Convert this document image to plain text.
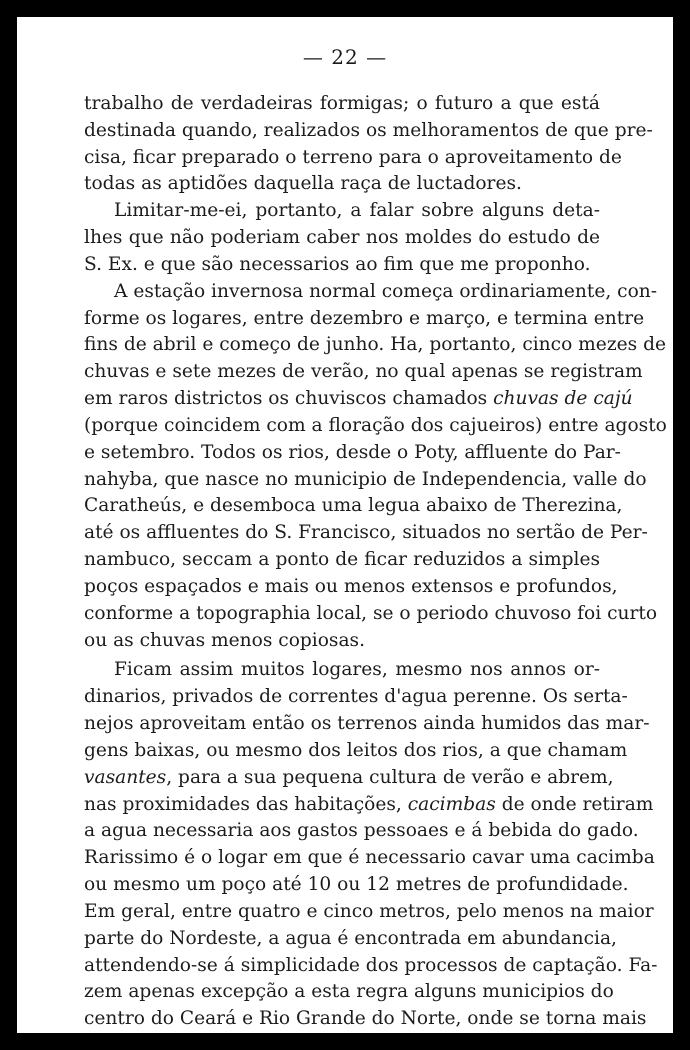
— 22 —
trabalho de verdadeiras formigas; o futuro a que está
destinada quando, realizados os melhoramentos de que pre-
cisa, ficar preparado o terreno para o aproveitamento de
todas as aptidões daquella raça de luctadores.
Limitar-me-ei, portanto, a falar sobre alguns deta-
lhes que não poderiam caber nos moldes do estudo de
S. Ex. e que são necessarios ao fim que me proponho.
A estação invernosa normal começa ordinariamente, con-
forme os logares, entre dezembro e março, e termina entre
fins de abril e começo de junho. Ha, portanto, cinco mezes de
chuvas e sete mezes de verão, no qual apenas se registram
em raros districtos os chuviscos chamados chuvas de cajú
(porque coincidem com a floração dos cajueiros) entre agosto
e setembro. Todos os rios, desde o Poty, affluente do Par-
nahyba, que nasce no municipio de Independencia, valle do
Caratheús, e desemboca uma legua abaixo de Therezina,
até os affluentes do S. Francisco, situados no sertão de Per-
nambuco, seccam a ponto de ficar reduzidos a simples
poços espaçados e mais ou menos extensos e profundos,
conforme a topographia local, se o periodo chuvoso foi curto
ou as chuvas menos copiosas.
Ficam assim muitos logares, mesmo nos annos or-
dinarios, privados de correntes d'agua perenne. Os serta-
nejos aproveitam então os terrenos ainda humidos das mar-
gens baixas, ou mesmo dos leitos dos rios, a que chamam
vasantes, para a sua pequena cultura de verão e abrem,
nas proximidades das habitações, cacimbas de onde retiram
a agua necessaria aos gastos pessoaes e á bebida do gado.
Rarissimo é o logar em que é necessario cavar uma cacimba
ou mesmo um poço até 10 ou 12 metres de profundidade.
Em geral, entre quatro e cinco metros, pelo menos na maior
parte do Nordeste, a agua é encontrada em abundancia,
attendendo-se á simplicidade dos processos de captação. Fa-
zem apenas excepção a esta regra alguns municipios do
centro do Ceará e Rio Grande do Norte, onde se torna mais
